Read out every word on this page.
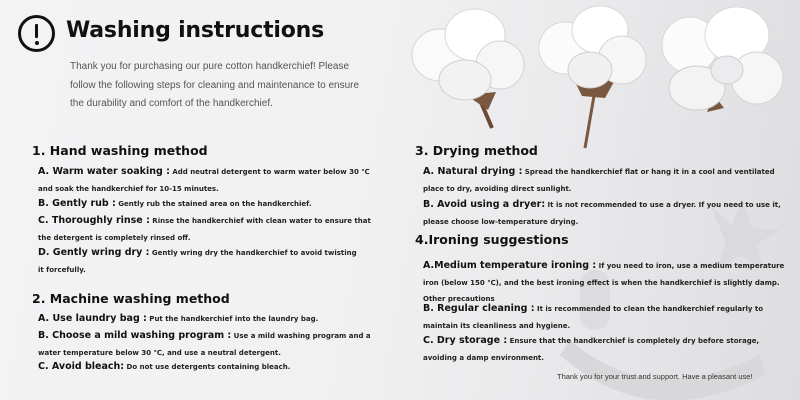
Washing instructions
Thank you for purchasing our pure cotton handkerchief! Please follow the following steps for cleaning and maintenance to ensure the durability and comfort of the handkerchief.
1. Hand washing method
A. Warm water soaking : Add neutral detergent to warm water below 30 ℃ and soak the handkerchief for 10-15 minutes.
B. Gently rub : Gently rub the stained area on the handkerchief.
C. Thoroughly rinse : Rinse the handkerchief with clean water to ensure that the detergent is completely rinsed off.
D. Gently wring dry : Gently wring dry the handkerchief to avoid twisting it forcefully.
2. Machine washing method
A. Use laundry bag : Put the handkerchief into the laundry bag.
B. Choose a mild washing program : Use a mild washing program and a water temperature below 30 ℃, and use a neutral detergent.
C. Avoid bleach: Do not use detergents containing bleach.
3. Drying method
A. Natural drying : Spread the handkerchief flat or hang it in a cool and ventilated place to dry, avoiding direct sunlight.
B. Avoid using a dryer: It is not recommended to use a dryer. If you need to use it, please choose low-temperature drying.
4.Ironing suggestions
A.Medium temperature ironing : If you need to iron, use a medium temperature iron (below 150 ℃), and the best ironing effect is when the handkerchief is slightly damp. Other precautions
B. Regular cleaning : It is recommended to clean the handkerchief regularly to maintain its cleanliness and hygiene.
C. Dry storage : Ensure that the handkerchief is completely dry before storage, avoiding a damp environment.
Thank you for your trust and support. Have a pleasant use!
